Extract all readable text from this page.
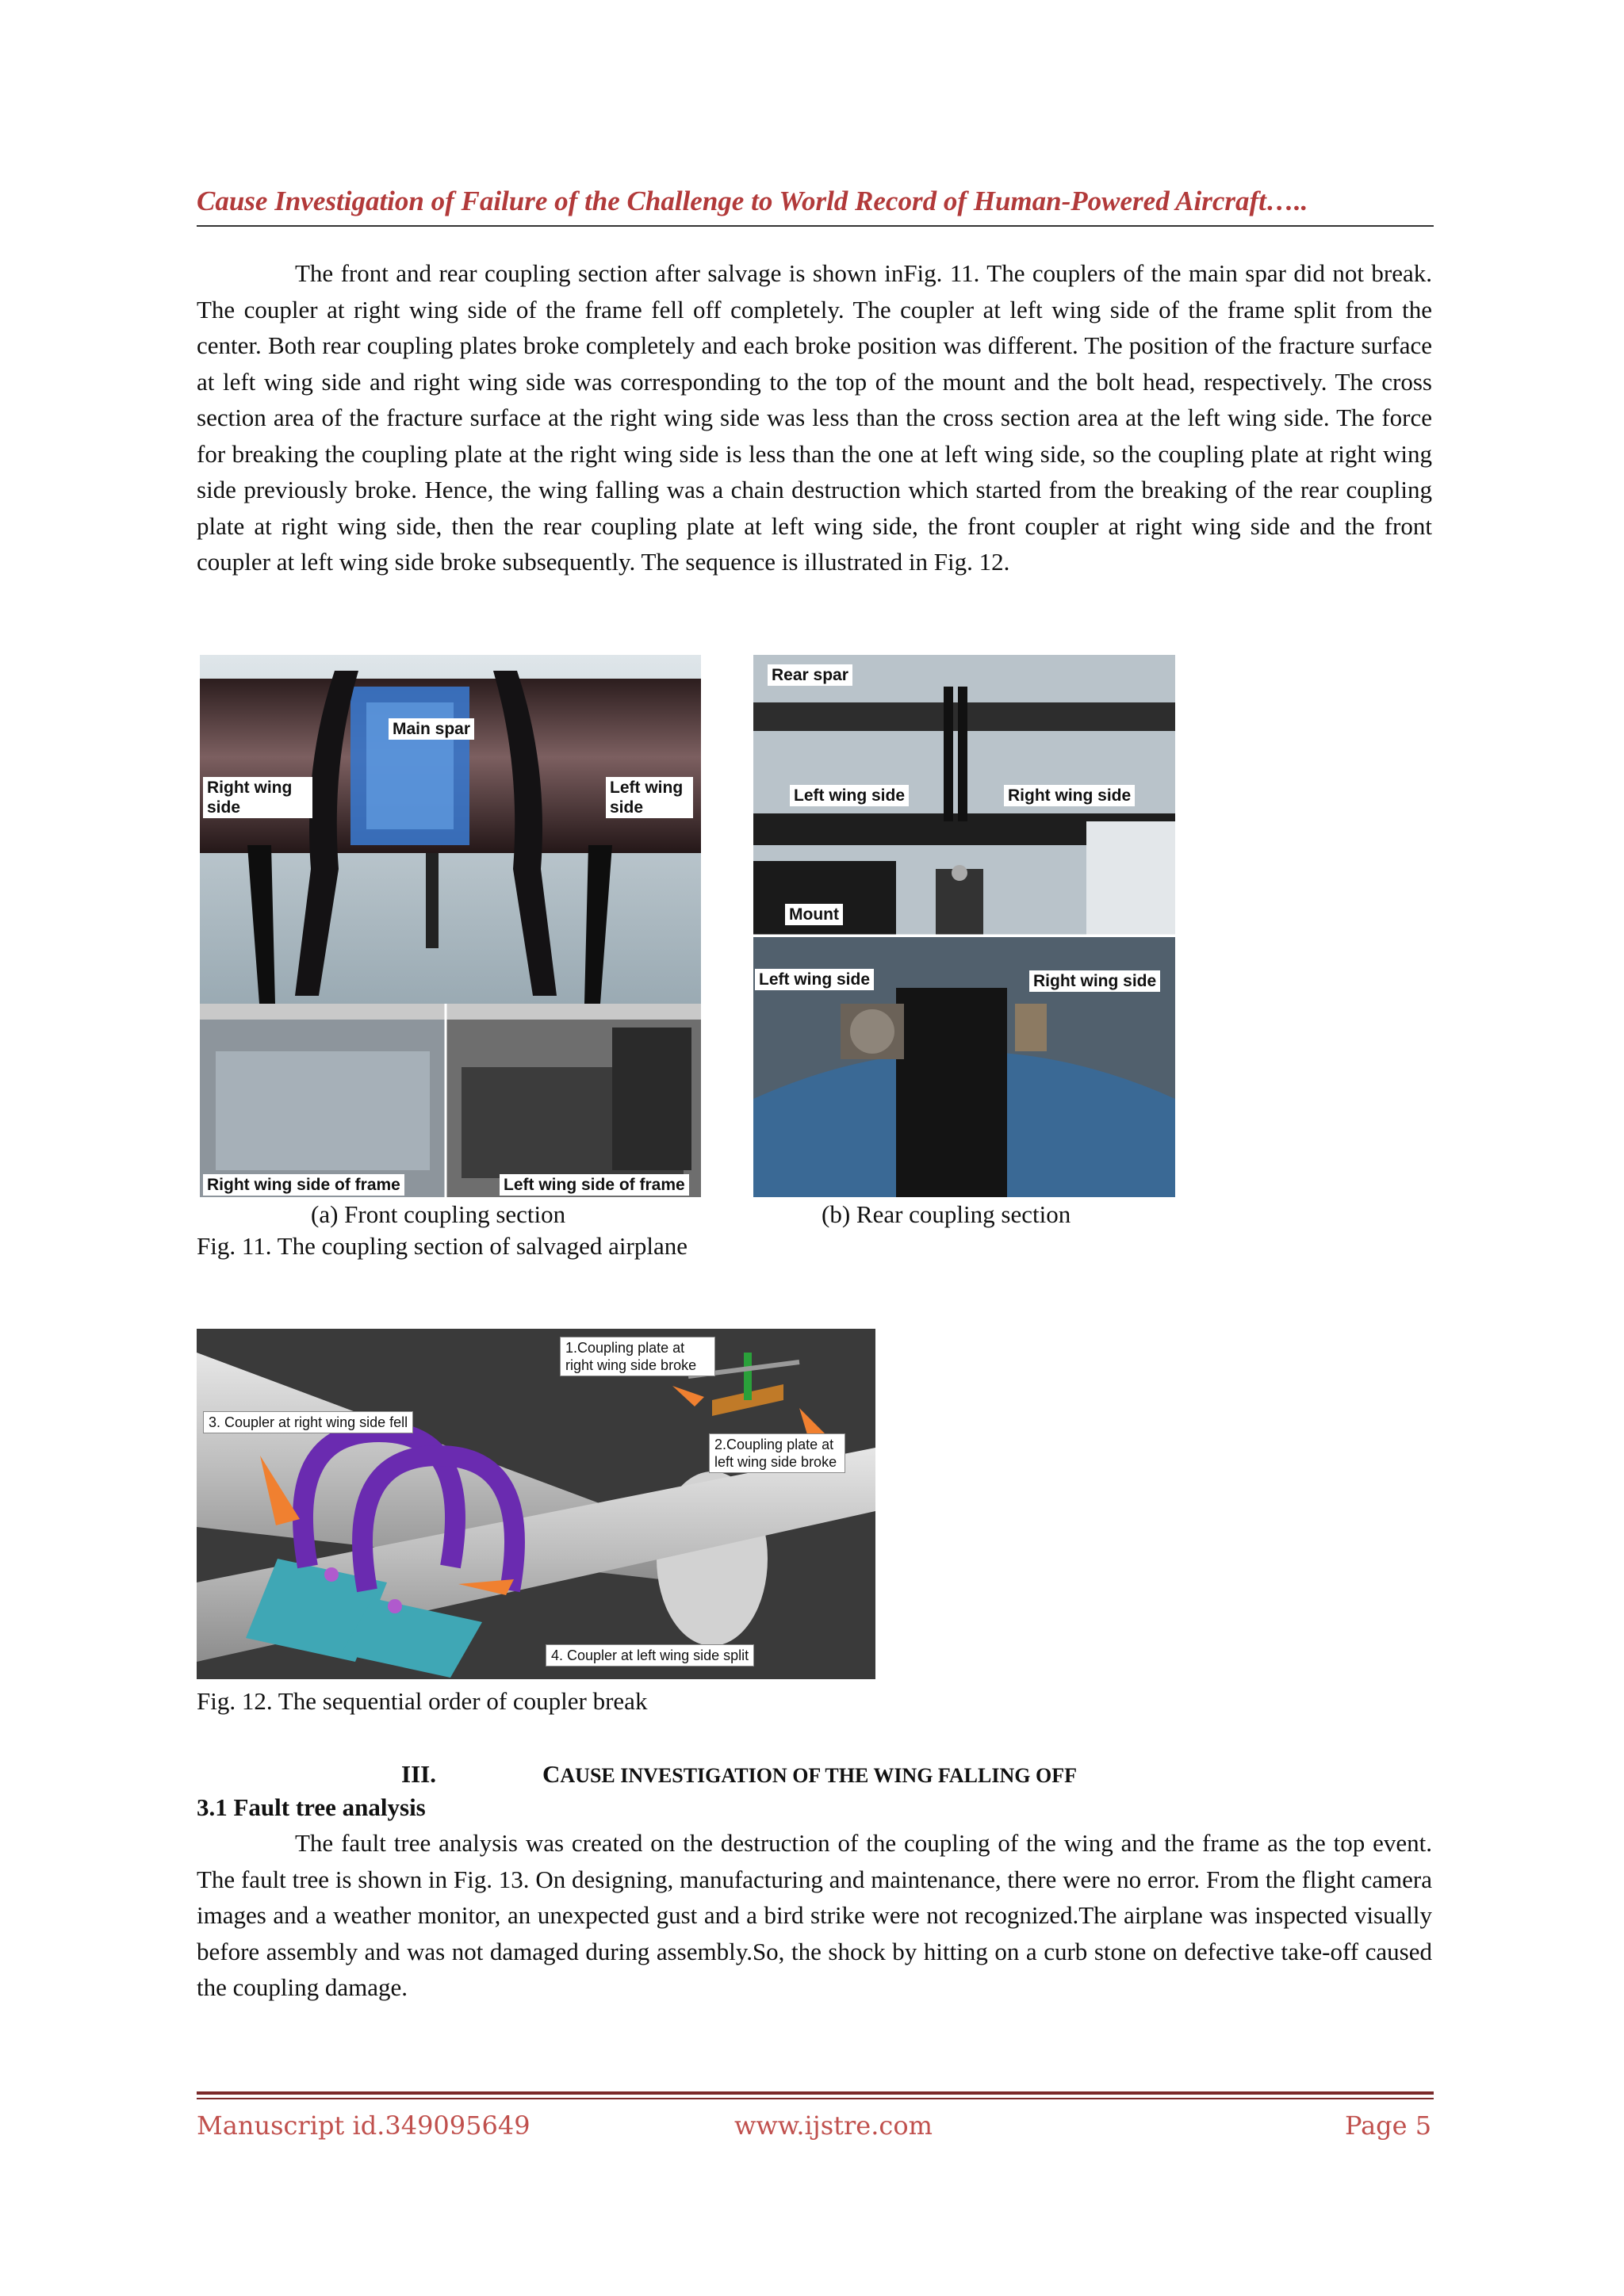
Cause Investigation of Failure of the Challenge to World Record of Human-Powered Aircraft…..

The front and rear coupling section after salvage is shown inFig. 11. The couplers of the main spar did not break. The coupler at right wing side of the frame fell off completely. The coupler at left wing side of the frame split from the center. Both rear coupling plates broke completely and each broke position was different. The position of the fracture surface at left wing side and right wing side was corresponding to the top of the mount and the bolt head, respectively. The cross section area of the fracture surface at the right wing side was less than the cross section area at the left wing side. The force for breaking the coupling plate at the right wing side is less than the one at left wing side, so the coupling plate at right wing side previously broke. Hence, the wing falling was a chain destruction which started from the breaking of the rear coupling plate at right wing side, then the rear coupling plate at left wing side, the front coupler at right wing side and the front coupler at left wing side broke subsequently. The sequence is illustrated in Fig. 12.

Main spar
Right wing side
Left wing side
Right wing side of frame	Left wing side of frame
Rear spar
Left wing side	Right wing side
Mount
Left wing side	Right wing side
(a) Front coupling section	(b) Rear coupling section
Fig. 11. The coupling section of salvaged airplane
1.Coupling plate at right wing side broke
3. Coupler at right wing side fell
2.Coupling plate at left wing side broke
4. Coupler at left wing side split
Fig. 12. The sequential order of coupler break
III.	CAUSE INVESTIGATION OF THE WING FALLING OFF
3.1 Fault tree analysis

The fault tree analysis was created on the destruction of the coupling of the wing and the frame as the top event. The fault tree is shown in Fig. 13. On designing, manufacturing and maintenance, there were no error. From the flight camera images and a weather monitor, an unexpected gust and a bird strike were not recognized.The airplane was inspected visually before assembly and was not damaged during assembly.So, the shock by hitting on a curb stone on defective take-off caused the coupling damage.

Manuscript id.349095649	www.ijstre.com	Page 5
